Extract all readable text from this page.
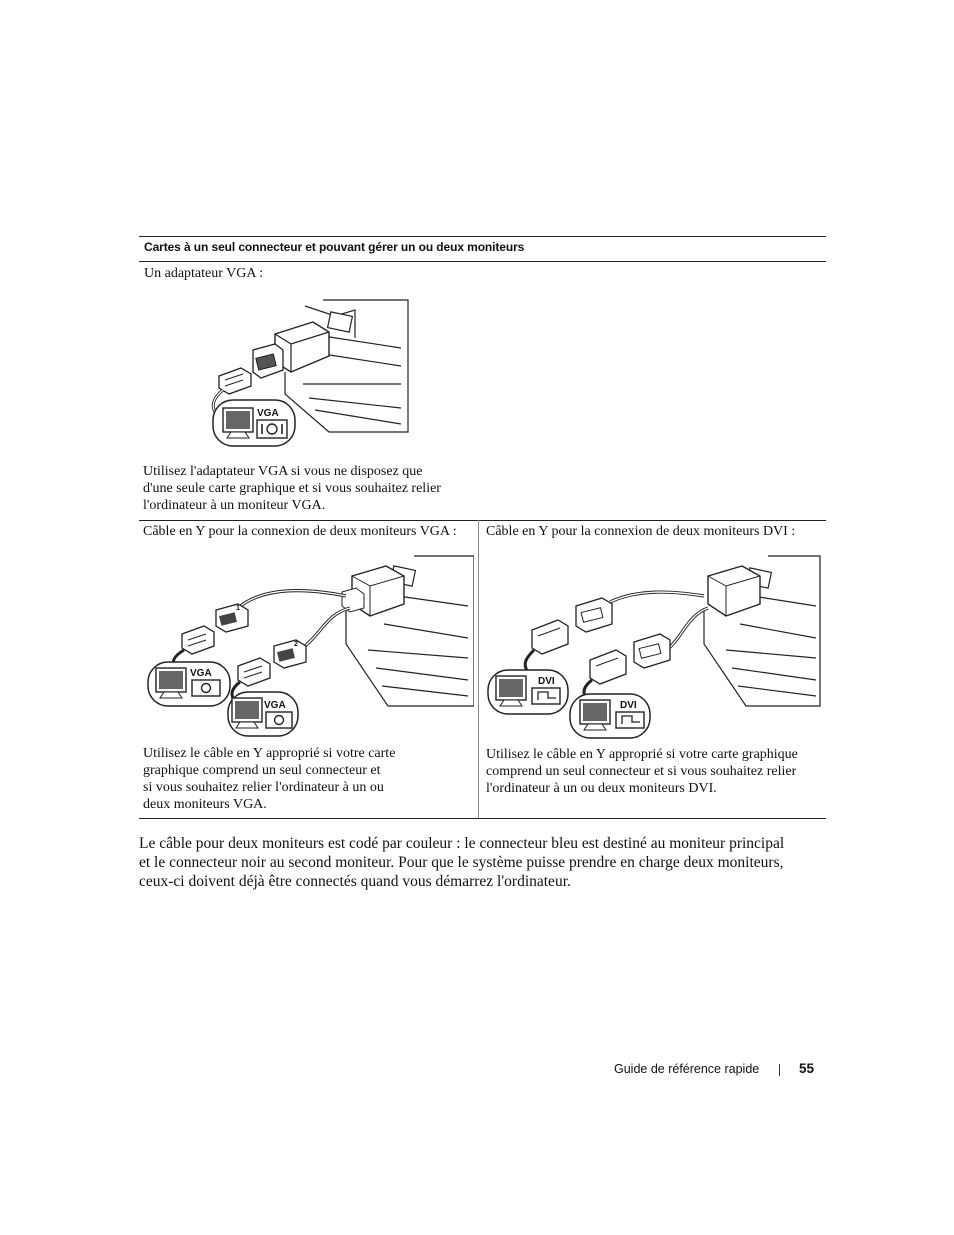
Cartes à un seul connecteur et pouvant gérer un ou deux moniteurs
Un adaptateur VGA :
VGA
Utilisez l'adaptateur VGA si vous ne disposez que
d'une seule carte graphique et si vous souhaitez relier
l'ordinateur à un moniteur VGA.
Câble en Y pour la connexion de deux moniteurs VGA :
1
2
VGA
VGA
Utilisez le câble en Y approprié si votre carte
graphique comprend un seul connecteur et
si vous souhaitez relier l'ordinateur à un ou
deux moniteurs VGA.
Câble en Y pour la connexion de deux moniteurs DVI :
DVI
DVI
Utilisez le câble en Y approprié si votre carte graphique
comprend un seul connecteur et si vous souhaitez relier
l'ordinateur à un ou deux moniteurs DVI.
Le câble pour deux moniteurs est codé par couleur : le connecteur bleu est destiné au moniteur principal
et le connecteur noir au second moniteur. Pour que le système puisse prendre en charge deux moniteurs,
ceux-ci doivent déjà être connectés quand vous démarrez l'ordinateur.
Guide de référence rapide	55
